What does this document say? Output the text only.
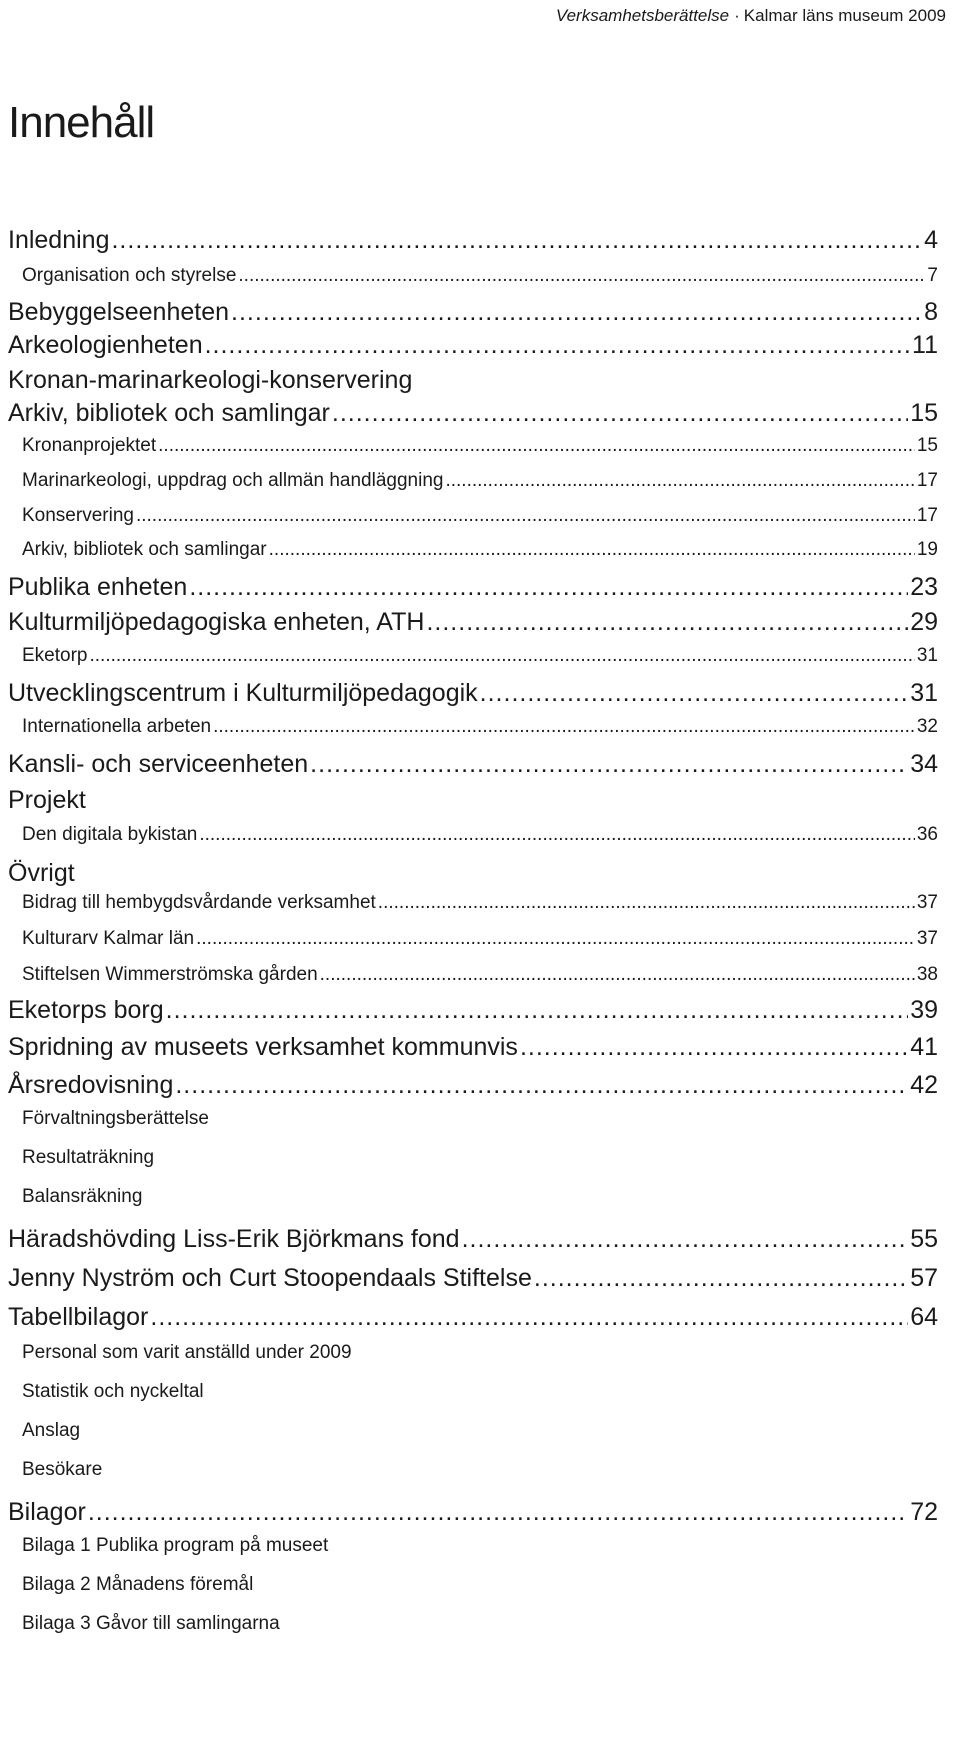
Verksamhetsberättelse · Kalmar läns museum 2009
Innehåll
Inledning .....	4
Organisation och styrelse .....	7
Bebyggelseenheten .....	8
Arkeologienheten .....	11
Kronan-marinarkeologi-konservering
Arkiv, bibliotek och samlingar .....	15
Kronanprojektet .....	15
Marinarkeologi, uppdrag och allmän handläggning .....	17
Konservering .....	17
Arkiv, bibliotek och samlingar .....	19
Publika enheten .....	23
Kulturmiljöpedagogiska enheten, ATH .....	29
Eketorp .....	31
Utvecklingscentrum i Kulturmiljöpedagogik .....	31
Internationella arbeten .....	32
Kansli- och serviceenheten .....	34
Projekt
Den digitala bykistan .....	36
Övrigt
Bidrag till hembygdsvårdande verksamhet .....	37
Kulturarv Kalmar län .....	37
Stiftelsen Wimmerströmska gården .....	38
Eketorps borg .....	39
Spridning av museets verksamhet kommunvis .....	41
Årsredovisning .....	42
Förvaltningsberättelse
Resultaträkning
Balansräkning
Häradshövding Liss-Erik Björkmans fond .....	55
Jenny Nyström och Curt Stoopendaals Stiftelse .....	57
Tabellbilagor .....	64
Personal som varit anställd under 2009
Statistik och nyckeltal
Anslag
Besökare
Bilagor .....	72
Bilaga 1 Publika program på museet
Bilaga 2 Månadens föremål
Bilaga 3 Gåvor till samlingarna
